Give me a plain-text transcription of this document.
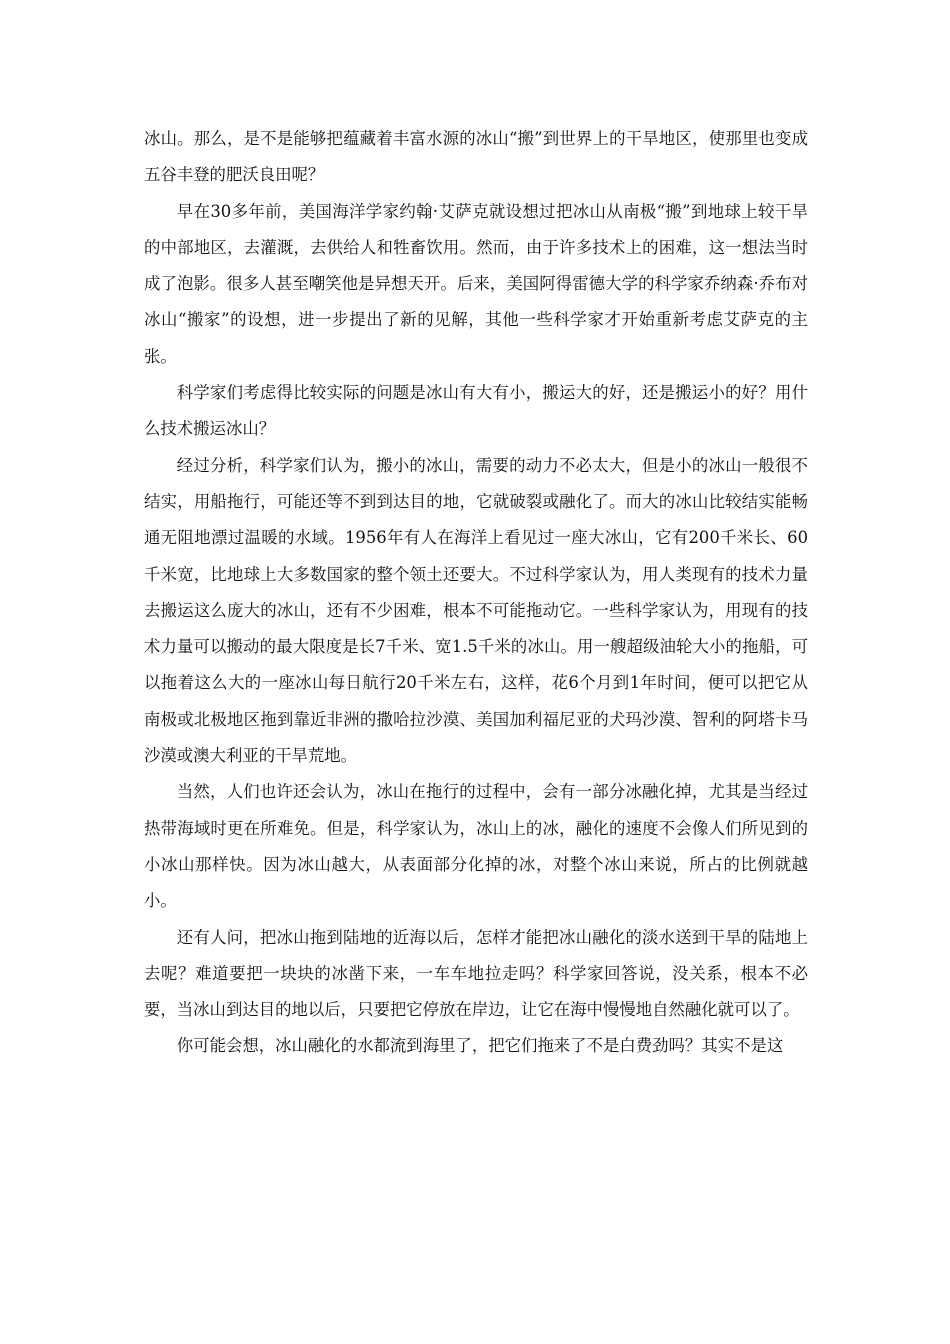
冰山。那么，是不是能够把蕴藏着丰富水源的冰山“搬”到世界上的干旱地区，使那里也变成五谷丰登的肥沃良田呢？

早在30多年前，美国海洋学家约翰·艾萨克就设想过把冰山从南极“搬”到地球上较干旱的中部地区，去灌溉，去供给人和牲畜饮用。然而，由于许多技术上的困难，这一想法当时成了泡影。很多人甚至嘲笑他是异想天开。后来，美国阿得雷德大学的科学家乔纳森·乔布对冰山“搬家”的设想，进一步提出了新的见解，其他一些科学家才开始重新考虑艾萨克的主张。

科学家们考虑得比较实际的问题是冰山有大有小，搬运大的好，还是搬运小的好？用什么技术搬运冰山？

经过分析，科学家们认为，搬小的冰山，需要的动力不必太大，但是小的冰山一般很不结实，用船拖行，可能还等不到到达目的地，它就破裂或融化了。而大的冰山比较结实能畅通无阻地漂过温暖的水域。1956年有人在海洋上看见过一座大冰山，它有200千米长、60千米宽，比地球上大多数国家的整个领土还要大。不过科学家认为，用人类现有的技术力量去搬运这么庞大的冰山，还有不少困难，根本不可能拖动它。一些科学家认为，用现有的技术力量可以搬动的最大限度是长7千米、宽1.5千米的冰山。用一艘超级油轮大小的拖船，可以拖着这么大的一座冰山每日航行20千米左右，这样，花6个月到1年时间，便可以把它从南极或北极地区拖到靠近非洲的撒哈拉沙漠、美国加利福尼亚的犬玛沙漠、智利的阿塔卡马沙漠或澳大利亚的干旱荒地。

当然，人们也许还会认为，冰山在拖行的过程中，会有一部分冰融化掉，尤其是当经过热带海域时更在所难免。但是，科学家认为，冰山上的冰，融化的速度不会像人们所见到的小冰山那样快。因为冰山越大，从表面部分化掉的冰，对整个冰山来说，所占的比例就越小。

还有人问，把冰山拖到陆地的近海以后，怎样才能把冰山融化的淡水送到干旱的陆地上去呢？难道要把一块块的冰凿下来，一车车地拉走吗？科学家回答说，没关系，根本不必要，当冰山到达目的地以后，只要把它停放在岸边，让它在海中慢慢地自然融化就可以了。

你可能会想，冰山融化的水都流到海里了，把它们拖来了不是白费劲吗？其实不是这
